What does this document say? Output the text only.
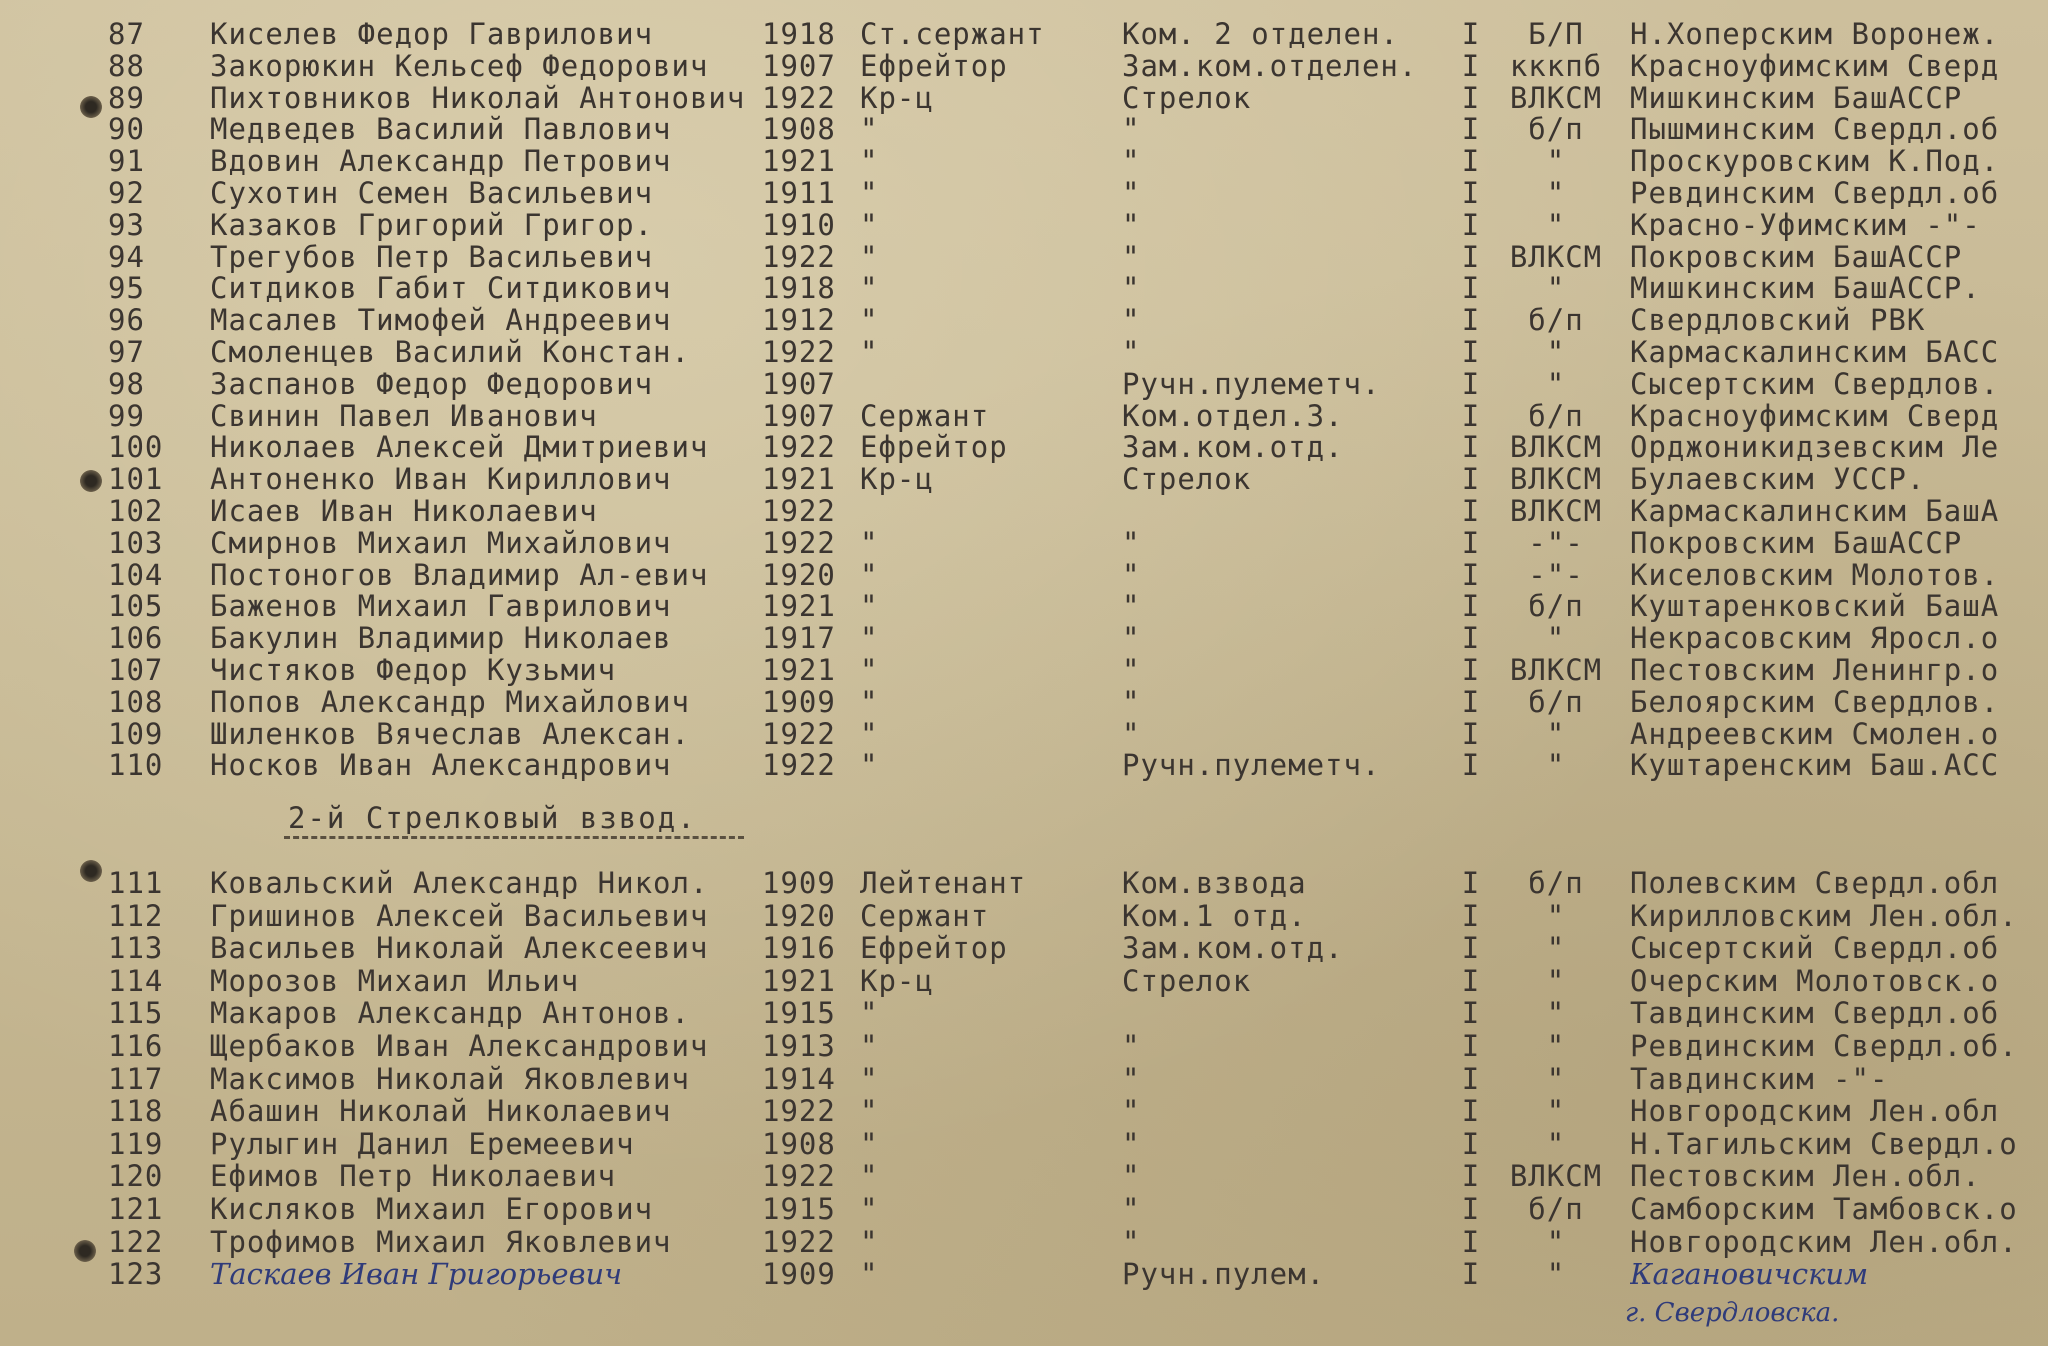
2-й Стрелковый взвод.
г. Свердловска.
87	Киселев Федор Гаврилович	1918 Ст.сержант	Ком. 2 отделен.	I	Б/П	Н.Хоперским Воронеж.
88	Закорюкин Кельсеф Федорович	1907 Ефрейтор	Зам.ком.отделен.	I	кккпб Красноуфимским Сверд
89	Пихтовников Николай Антонович 1922 Кр-ц	Стрелок	I	ВЛКСМ Мишкинским БашАССР
90	Медведев Василий Павлович	1908 "	"	I	б/п	Пышминским Свердл.об
91	Вдовин Александр Петрович	1921 "	"	I	"	Проскуровским К.Под.
92	Сухотин Семен Васильевич	1911 "	"	I	"	Ревдинским Свердл.об
93	Казаков Григорий Григор.	1910 "	"	I	"	Красно-Уфимским -"-
94	Трегубов Петр Васильевич	1922 "	"	I	ВЛКСМ Покровским БашАССР
95	Ситдиков Габит Ситдикович	1918 "	"	I	"	Мишкинским БашАССР.
96	Масалев Тимофей Андреевич	1912 "	"	I	б/п	Свердловский РВК
97	Смоленцев Василий Констан.	1922 "	"	I	"	Кармаскалинским БАСС
98	Заспанов Федор Федорович	1907	Ручн.пулеметч.	I	"	Сысертским Свердлов.
99	Свинин Павел Иванович	1907 Сержант	Ком.отдел.3.	I	б/п	Красноуфимским Сверд
100	Николаев Алексей Дмитриевич	1922 Ефрейтор	Зам.ком.отд.	I	ВЛКСМ Орджоникидзевским Ле
101	Антоненко Иван Кириллович	1921 Кр-ц	Стрелок	I	ВЛКСМ Булаевским УССР.
102	Исаев Иван Николаевич	1922	I	ВЛКСМ Кармаскалинским БашА
103	Смирнов Михаил Михайлович	1922 "	"	I	-"-	Покровским БашАССР
104	Постоногов Владимир Ал-евич	1920 "	"	I	-"-	Киселовским Молотов.
105	Баженов Михаил Гаврилович	1921 "	"	I	б/п	Куштаренковский БашА
106	Бакулин Владимир Николаев	1917 "	"	I	"	Некрасовским Яросл.о
107	Чистяков Федор Кузьмич	1921 "	"	I	ВЛКСМ Пестовским Ленингр.о
108	Попов Александр Михайлович	1909 "	"	I	б/п	Белоярским Свердлов.
109	Шиленков Вячеслав Алексан.	1922 "	"	I	"	Андреевским Смолен.о
110	Носков Иван Александрович	1922 "	Ручн.пулеметч.	I	"	Куштаренским Баш.АСС
111	Ковальский Александр Никол.	1909 Лейтенант	Ком.взвода	I	б/п	Полевским Свердл.обл
112	Гришинов Алексей Васильевич	1920 Сержант	Ком.1 отд.	I	"	Кирилловским Лен.обл.
113	Васильев Николай Алексеевич	1916 Ефрейтор	Зам.ком.отд.	I	"	Сысертский Свердл.об
114	Морозов Михаил Ильич	1921 Кр-ц	Стрелок	I	"	Очерским Молотовск.о
115	Макаров Александр Антонов.	1915 "	I	"	Тавдинским Свердл.об
116	Щербаков Иван Александрович	1913 "	"	I	"	Ревдинским Свердл.об.
117	Максимов Николай Яковлевич	1914 "	"	I	"	Тавдинским -"-
118	Абашин Николай Николаевич	1922 "	"	I	"	Новгородским Лен.обл
119	Рулыгин Данил Еремеевич	1908 "	"	I	"	Н.Тагильским Свердл.о
120	Ефимов Петр Николаевич	1922 "	"	I	ВЛКСМ Пестовским Лен.обл.
121	Кисляков Михаил Егорович	1915 "	"	I	б/п	Самборским Тамбовск.о
122	Трофимов Михаил Яковлевич	1922 "	"	I	"	Новгородским Лен.обл.
123	Таскаев Иван Григорьевич	1909 "	Ручн.пулем.	I	"	Кагановичским
